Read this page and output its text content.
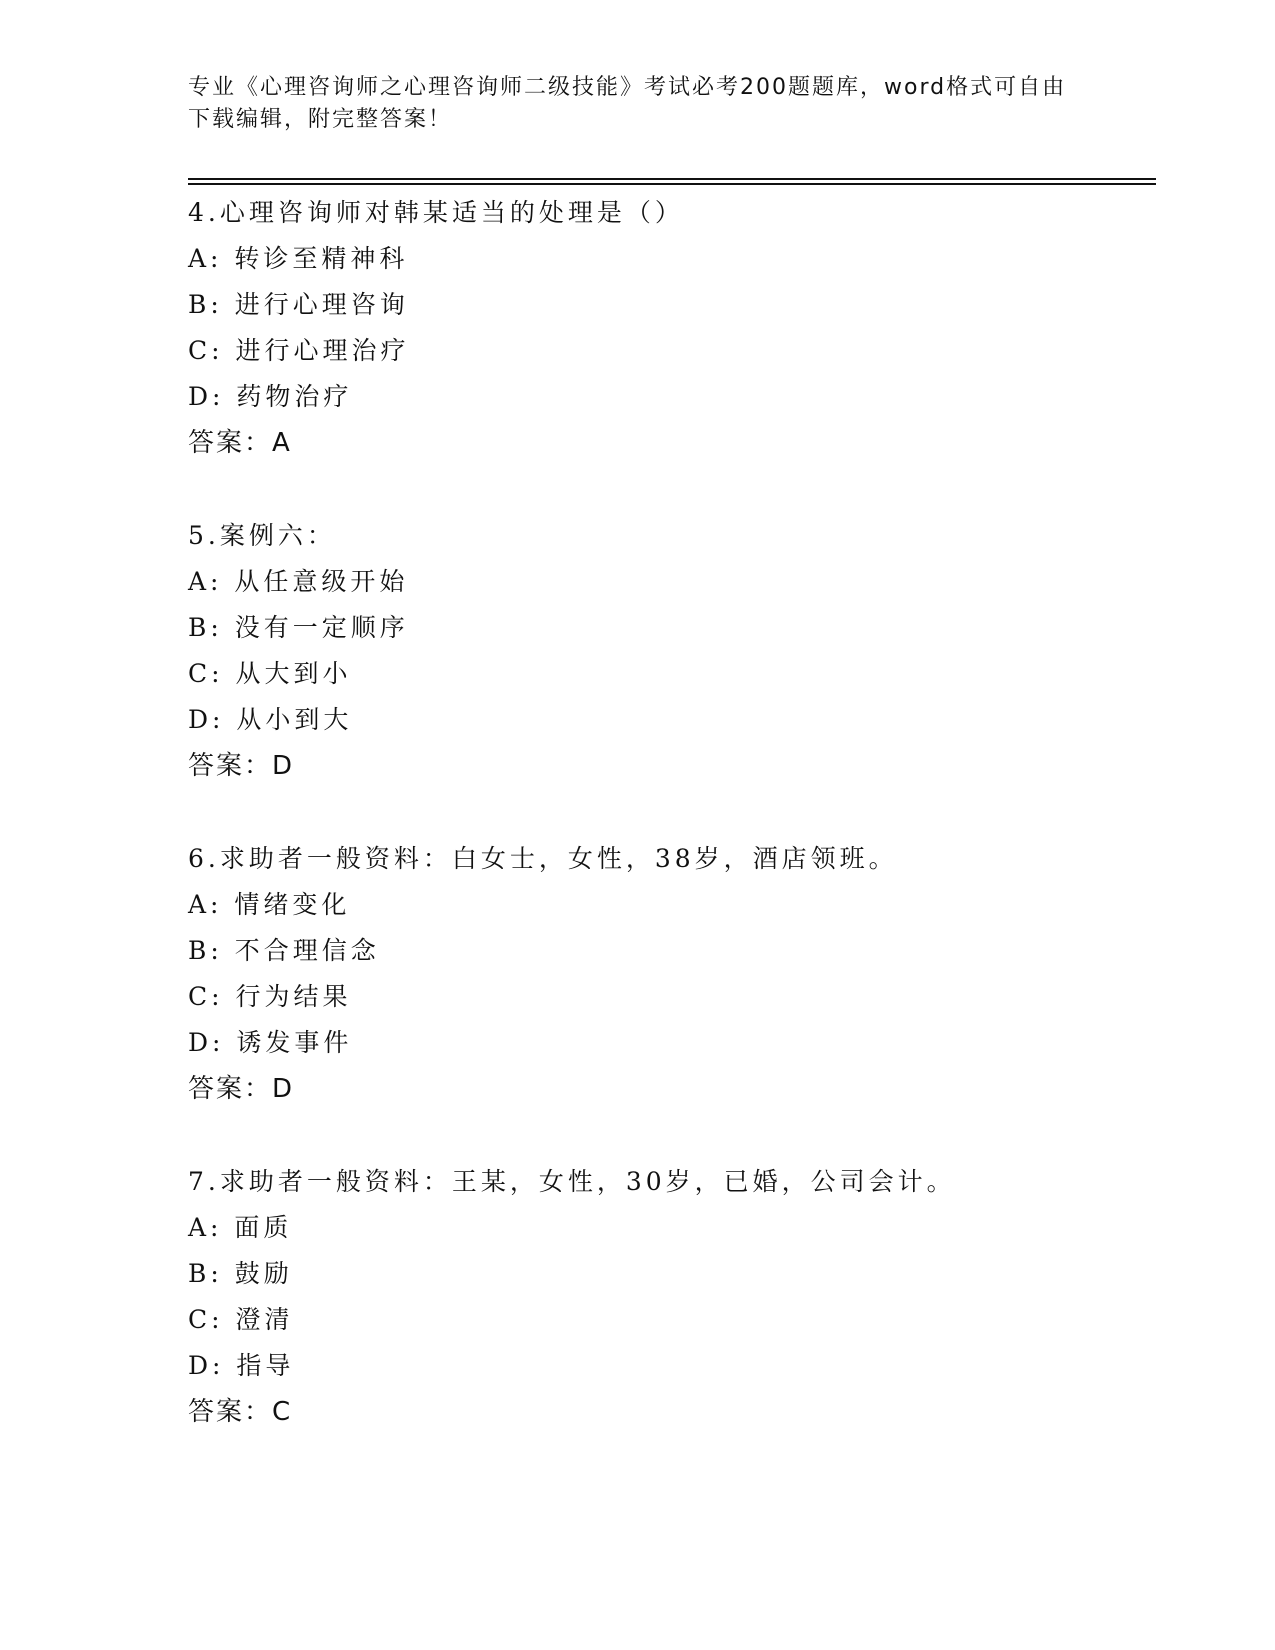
专业《心理咨询师之心理咨询师二级技能》考试必考200题题库，word格式可自由下载编辑，附完整答案！
4.心理咨询师对韩某适当的处理是（）
A: 转诊至精神科
B: 进行心理咨询
C: 进行心理治疗
D: 药物治疗
答案：A
5.案例六：
A: 从任意级开始
B: 没有一定顺序
C: 从大到小
D: 从小到大
答案：D
6.求助者一般资料：白女士，女性，38岁，酒店领班。
A: 情绪变化
B: 不合理信念
C: 行为结果
D: 诱发事件
答案：D
7.求助者一般资料：王某，女性，30岁，已婚，公司会计。
A: 面质
B: 鼓励
C: 澄清
D: 指导
答案：C
